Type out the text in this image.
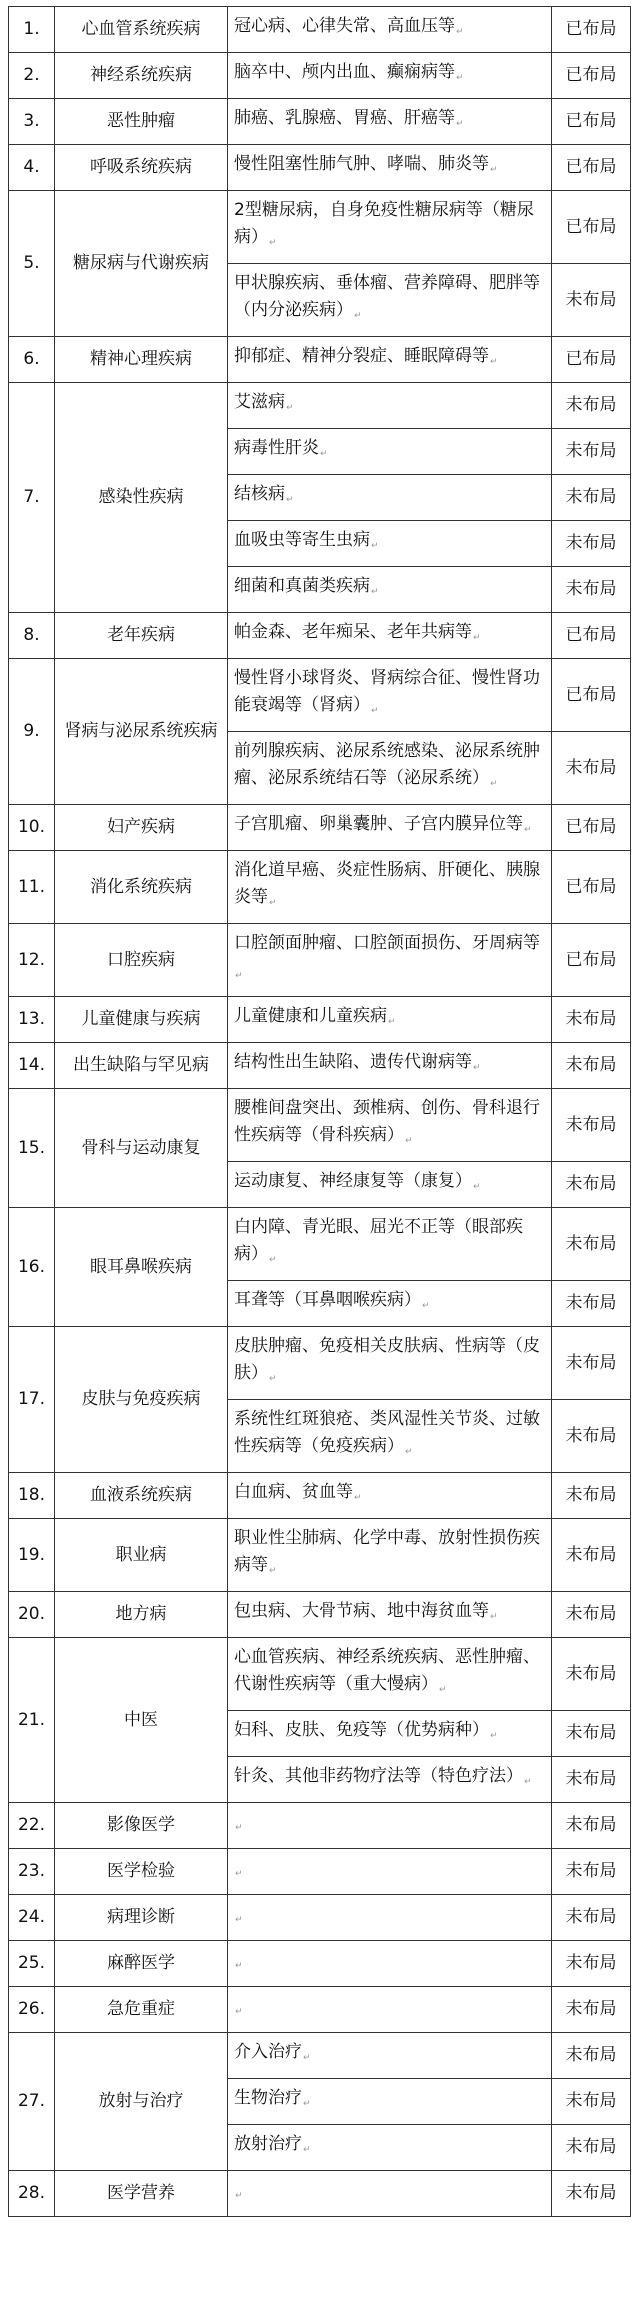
1.	心血管系统疾病	冠心病、心律失常、高血压等↵	已布局
2.	神经系统疾病	脑卒中、颅内出血、癫痫病等↵	已布局
3.	恶性肿瘤	肺癌、乳腺癌、胃癌、肝癌等↵	已布局
4.	呼吸系统疾病	慢性阻塞性肺气肿、哮喘、肺炎等↵	已布局
5.	糖尿病与代谢疾病	2型糖尿病，自身免疫性糖尿病等（糖尿病）↵	已布局
		甲状腺疾病、垂体瘤、营养障碍、肥胖等（内分泌疾病）↵	未布局
6.	精神心理疾病	抑郁症、精神分裂症、睡眠障碍等↵	已布局
7.	感染性疾病	艾滋病↵	未布局
		病毒性肝炎↵	未布局
		结核病↵	未布局
		血吸虫等寄生虫病↵	未布局
		细菌和真菌类疾病↵	未布局
8.	老年疾病	帕金森、老年痴呆、老年共病等↵	已布局
9.	肾病与泌尿系统疾病	慢性肾小球肾炎、肾病综合征、慢性肾功能衰竭等（肾病）↵	已布局
		前列腺疾病、泌尿系统感染、泌尿系统肿瘤、泌尿系统结石等（泌尿系统）↵	未布局
10.	妇产疾病	子宫肌瘤、卵巢囊肿、子宫内膜异位等↵	已布局
11.	消化系统疾病	消化道早癌、炎症性肠病、肝硬化、胰腺炎等↵	已布局
12.	口腔疾病	口腔颌面肿瘤、口腔颌面损伤、牙周病等↵	已布局
13.	儿童健康与疾病	儿童健康和儿童疾病↵	未布局
14.	出生缺陷与罕见病	结构性出生缺陷、遗传代谢病等↵	未布局
15.	骨科与运动康复	腰椎间盘突出、颈椎病、创伤、骨科退行性疾病等（骨科疾病）↵	未布局
		运动康复、神经康复等（康复）↵	未布局
16.	眼耳鼻喉疾病	白内障、青光眼、屈光不正等（眼部疾病）↵	未布局
		耳聋等（耳鼻咽喉疾病）↵	未布局
17.	皮肤与免疫疾病	皮肤肿瘤、免疫相关皮肤病、性病等（皮肤）↵	未布局
		系统性红斑狼疮、类风湿性关节炎、过敏性疾病等（免疫疾病）↵	未布局
18.	血液系统疾病	白血病、贫血等↵	未布局
19.	职业病	职业性尘肺病、化学中毒、放射性损伤疾病等↵	未布局
20.	地方病	包虫病、大骨节病、地中海贫血等↵	未布局
21.	中医	心血管疾病、神经系统疾病、恶性肿瘤、代谢性疾病等（重大慢病）↵	未布局
		妇科、皮肤、免疫等（优势病种）↵	未布局
		针灸、其他非药物疗法等（特色疗法）↵	未布局
22.	影像医学	↵	未布局
23.	医学检验	↵	未布局
24.	病理诊断	↵	未布局
25.	麻醉医学	↵	未布局
26.	急危重症	↵	未布局
27.	放射与治疗	介入治疗↵	未布局
		生物治疗↵	未布局
		放射治疗↵	未布局
28.	医学营养	↵	未布局
